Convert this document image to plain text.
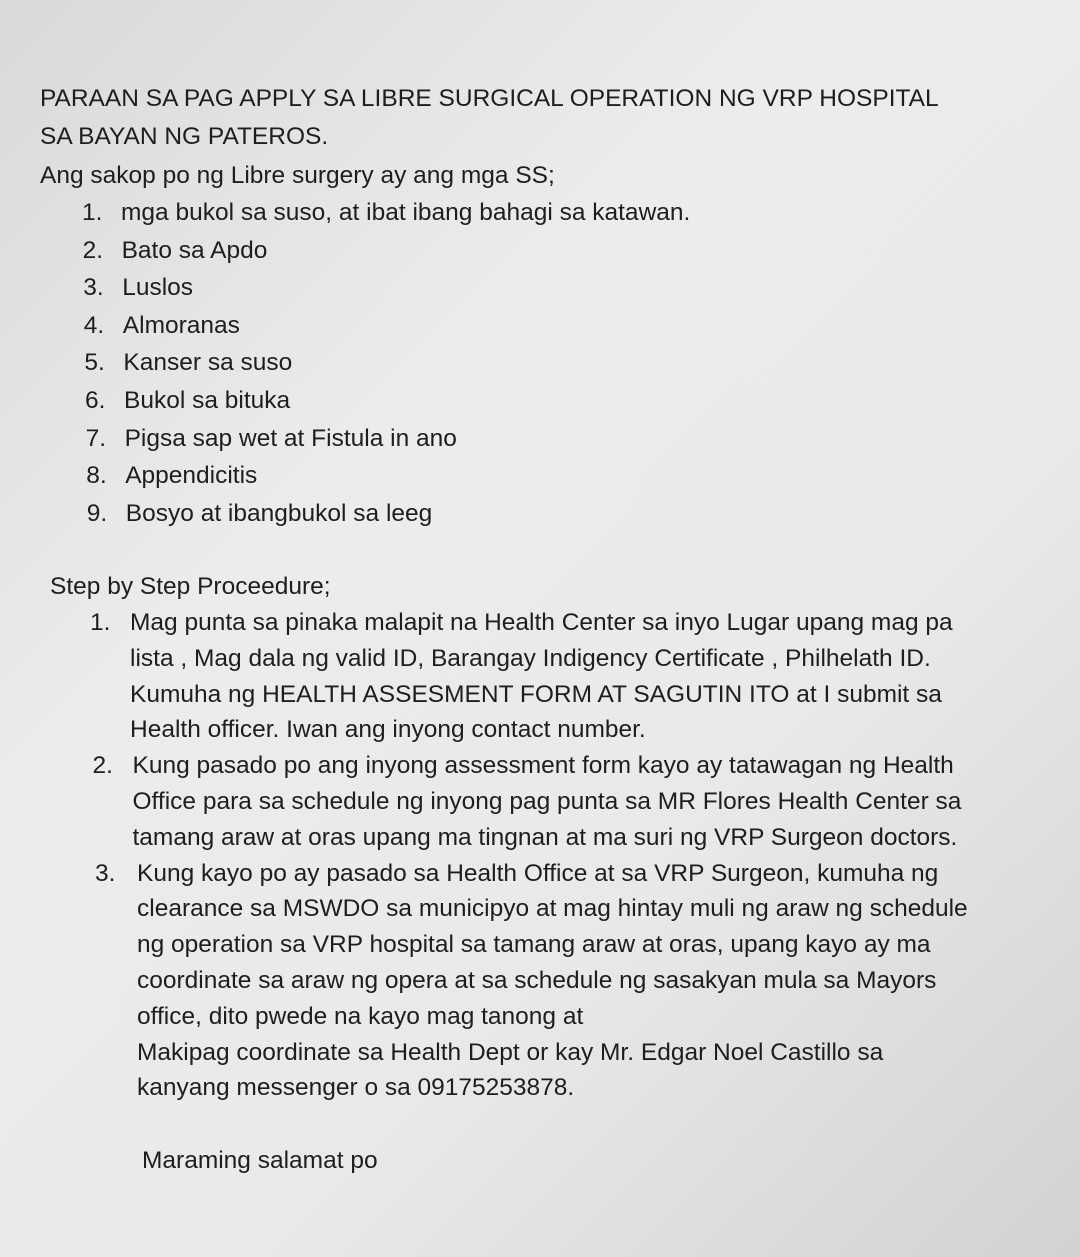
PARAAN SA PAG APPLY SA LIBRE SURGICAL OPERATION NG VRP HOSPITAL
SA BAYAN NG PATEROS.
Ang sakop po ng Libre surgery ay ang mga SS;
1. mga bukol sa suso, at ibat ibang bahagi sa katawan.
2. Bato sa Apdo
3. Luslos
4. Almoranas
5. Kanser sa suso
6. Bukol sa bituka
7. Pigsa sap wet at Fistula in ano
8. Appendicitis
9. Bosyo at ibangbukol sa leeg
Step by Step Proceedure;
1. Mag punta sa pinaka malapit na Health Center sa inyo Lugar upang mag pa
lista , Mag dala ng valid ID, Barangay Indigency Certificate , Philhelath ID.
Kumuha ng HEALTH ASSESMENT FORM AT SAGUTIN ITO at I submit sa
Health officer. Iwan ang inyong contact number.
2. Kung pasado po ang inyong assessment form kayo ay tatawagan ng Health
Office para sa schedule ng inyong pag punta sa MR Flores Health Center sa
tamang araw at oras upang ma tingnan at ma suri ng VRP Surgeon doctors.
3. Kung kayo po ay pasado sa Health Office at sa VRP Surgeon, kumuha ng
clearance sa MSWDO sa municipyo at mag hintay muli ng araw ng schedule
ng operation sa VRP hospital sa tamang araw at oras, upang kayo ay ma
coordinate sa araw ng opera at sa schedule ng sasakyan mula sa Mayors
office, dito pwede na kayo mag tanong at
Makipag coordinate sa Health Dept or kay Mr. Edgar Noel Castillo sa
kanyang messenger o sa 09175253878.
Maraming salamat po
